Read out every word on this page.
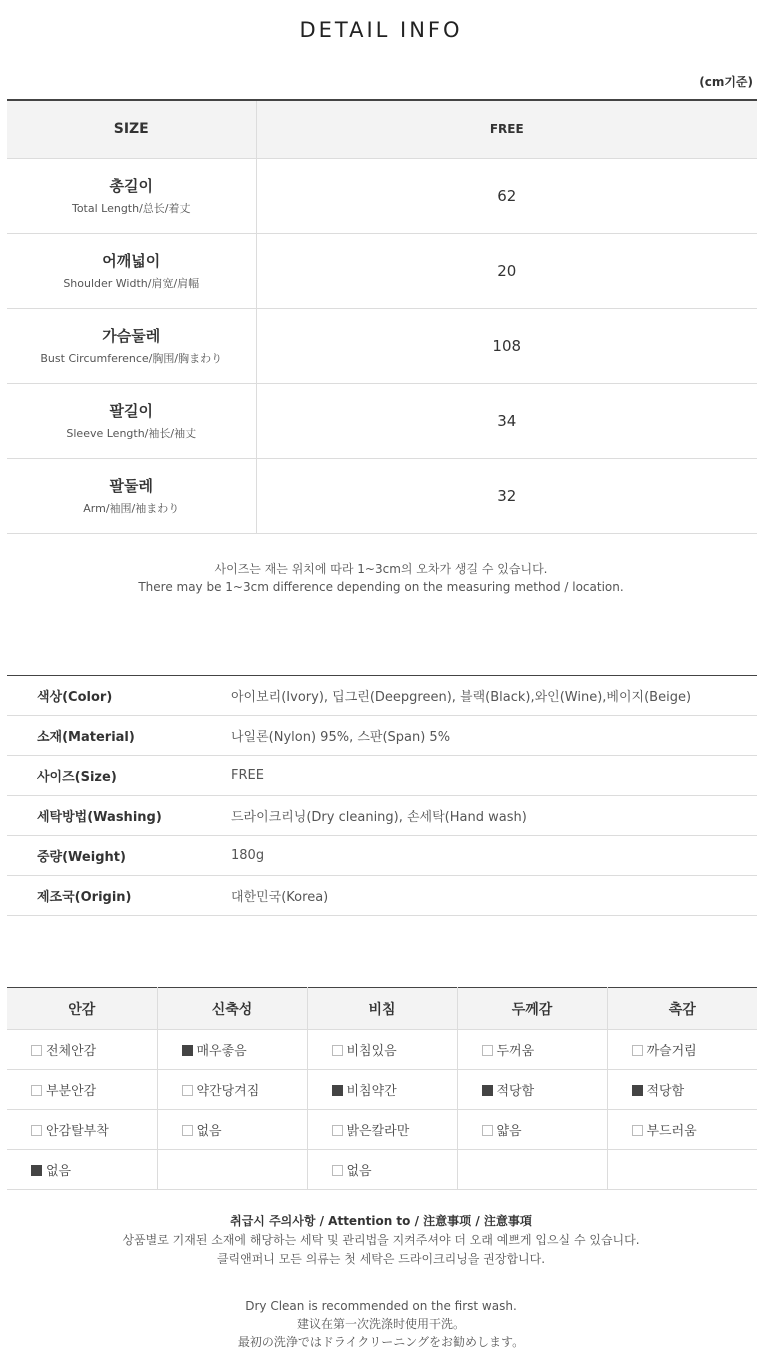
DETAIL INFO
(cm기준)
SIZE	FREE

총길이
Total Length/总长/着丈	62

어깨넓이
Shoulder Width/肩宽/肩幅	20

가슴둘레
Bust Circumference/胸围/胸まわり	108

팔길이
Sleeve Length/袖长/袖丈	34

팔둘레
Arm/袖围/袖まわり	32
사이즈는 재는 위치에 따라 1~3cm의 오차가 생길 수 있습니다.
There may be 1~3cm difference depending on the measuring method / location.
색상(Color)	아이보리(Ivory), 딥그린(Deepgreen), 블랙(Black),와인(Wine),베이지(Beige)
소재(Material)	나일론(Nylon) 95%, 스판(Span) 5%
사이즈(Size)	FREE
세탁방법(Washing)	드라이크리닝(Dry cleaning), 손세탁(Hand wash)
중량(Weight)	180g
제조국(Origin)	대한민국(Korea)
안감	신축성	비침	두께감	촉감
전체안감	매우좋음	비침있음	두꺼움	까슬거림
부분안감	약간당겨짐	비침약간	적당함	적당함
안감탈부착	없음	밝은칼라만	얇음	부드러움
없음		없음		
취급시 주의사항 / Attention to / 注意事项 / 注意事項
상품별로 기재된 소재에 해당하는 세탁 및 관리법을 지켜주셔야 더 오래 예쁘게 입으실 수 있습니다.
클릭앤퍼니 모든 의류는 첫 세탁은 드라이크리닝을 권장합니다.
Dry Clean is recommended on the first wash.
建议在第一次洗涤时使用干洗。
最初の洗浄ではドライクリーニングをお勧めします。
